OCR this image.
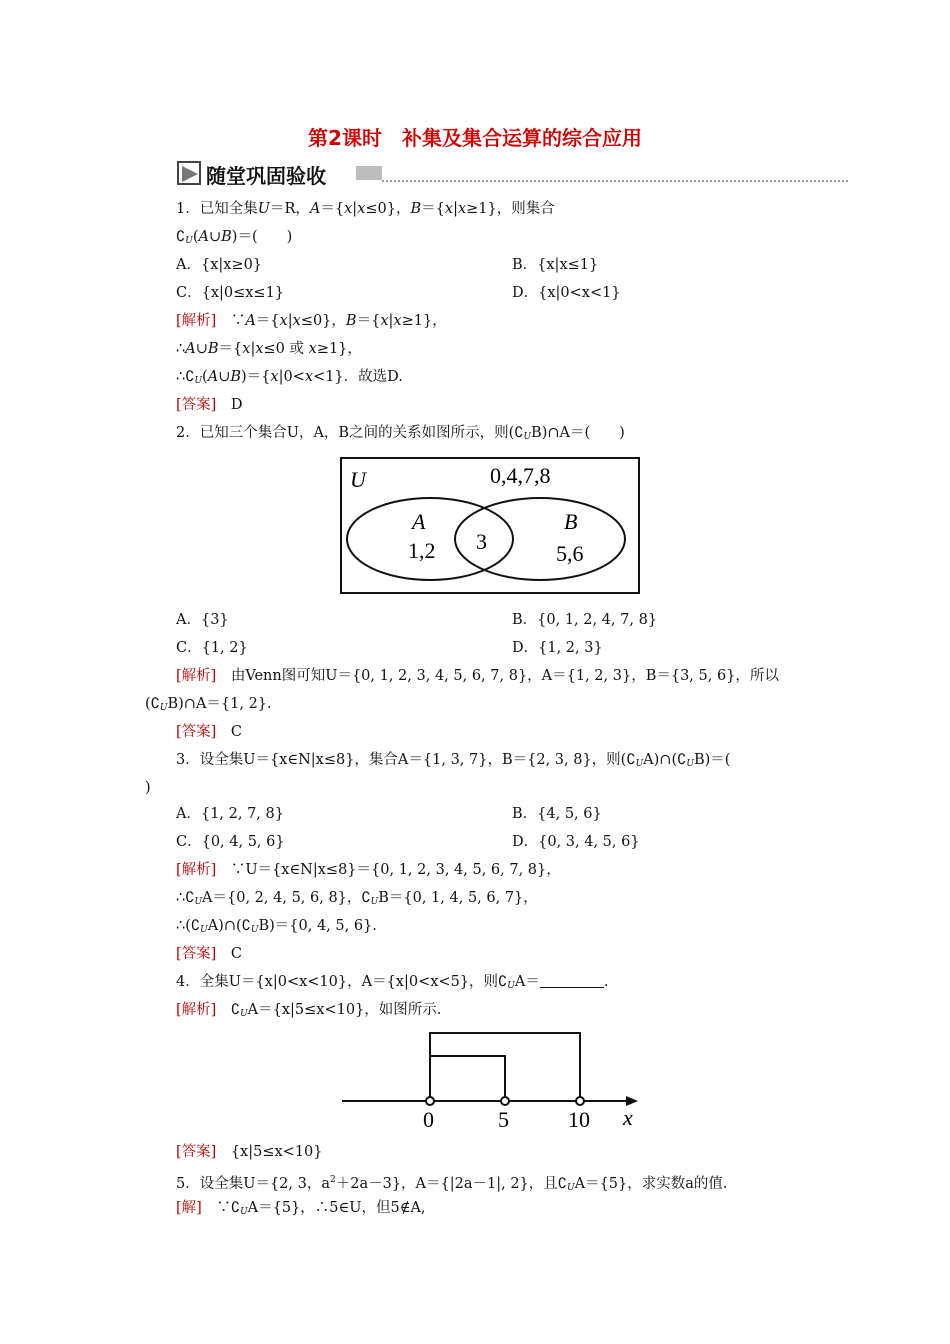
第2课时　补集及集合运算的综合应用
随堂巩固验收
1．已知全集U＝R，A＝{x|x≤0}，B＝{x|x≥1}，则集合
$∁_U(A\cup B)=$(　　)
A．{x|x≥0}	B．{x|x≤1}
C．{x|0≤x≤1}	D．{x|0<x<1}
[解析]　∵A＝{x|x≤0}，B＝{x|x≥1}，
∴A∪B＝{x|x≤0 或 x≥1}，
$\therefore∁_U(A\cup B)=\{x|0<x<1\}$．故选D.
[答案]　 D
2．已知三个集合U，A，B之间的关系如图所示，则$(∁_UB)\cap A=$(　　)
U	0,4,7,8
A
1,2 3
B
5,6
A．{3}	B．{0, 1, 2, 4, 7, 8}
C．{1, 2}	D．{1, 2, 3}
[解析]　 由Venn图可知U＝{0, 1, 2, 3, 4, 5, 6, 7, 8}，A＝{1, 2, 3}，B＝{3, 5, 6}，所以
$(∁_UB)\cap A=\{1$, 2}.
[答案]　 C
3．设全集U＝{x∈N|x≤8}，集合A＝{1, 3, 7}，B＝{2, 3, 8}，则$(∁_UA)\cap(∁_UB)=$(
)
A．{1, 2, 7, 8}	B．{4, 5, 6}
C．{0, 4, 5, 6}	D．{0, 3, 4, 5, 6}
[解析]　 ∵U＝{x∈N|x≤8}＝{0, 1, 2, 3, 4, 5, 6, 7, 8}，
$\therefore∁_UA=\{0$, 2, 4, 5, 6, 8}，$∁_UB=\{0$, 1, 4, 5, 6, 7}，
$\therefore(∁_UA)\cap(∁_UB)=\{0$, 4, 5, 6}.
[答案]　 C
4．全集U＝{x|0<x<10}，A＝{x|0<x<5}，则$∁_UA=$	.
[解析]　 $∁_UA=\{x|5\le x<10\}$，如图所示.
0	5	10 x
[答案]　 {x|5≤x<10}
5．设全集U＝{2, 3，$a^2+2a-3$}，A＝{|2a－1|, 2}，且$∁_UA=\{5\}$，求实数a的值.
[解]　 $\because∁_UA=\{5\}$，∴5∈U，但5∉A,
